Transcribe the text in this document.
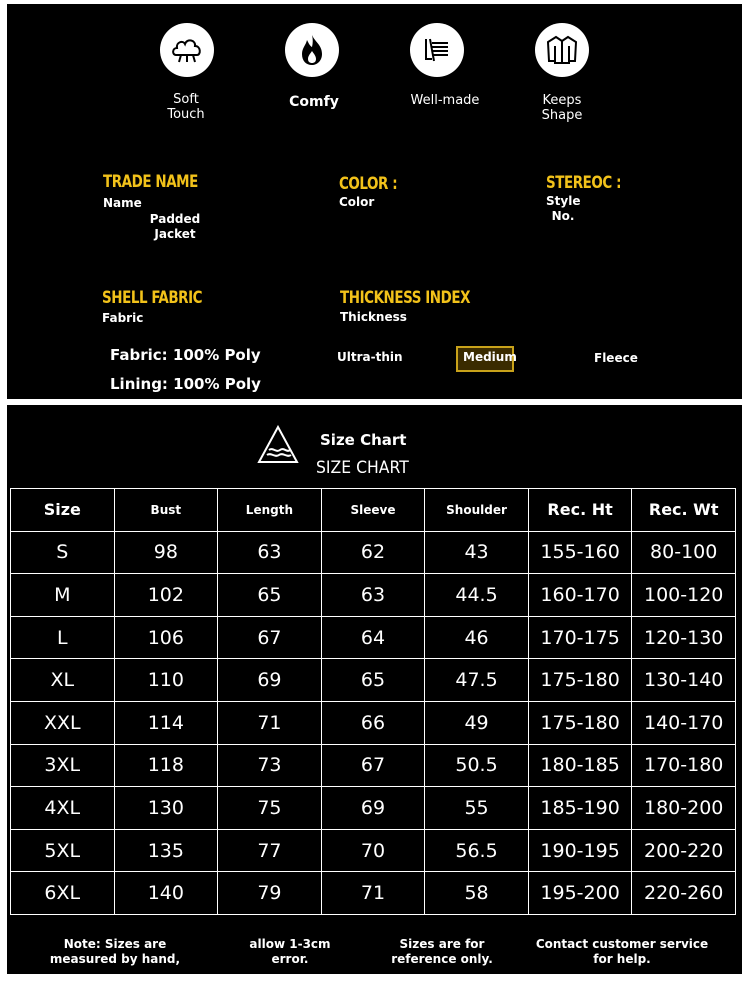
Soft
Touch
Comfy	Well-made	Keeps
Shape
TRADE NAME
Name
Padded
Jacket
COLOR :
Color
STEREOC :
Style
No.
SHELL FABRIC
Fabric
THICKNESS INDEX
Thickness
Fabric: 100% Poly
Lining: 100% Poly
Ultra-thin	Medium	Fleece
Size Chart
SIZE CHART
Size	Bust	Length	Sleeve	Shoulder	Rec. Ht	Rec. Wt
S	98	63	62	43	155-160	80-100
M	102	65	63	44.5	160-170	100-120
L	106	67	64	46	170-175	120-130
XL	110	69	65	47.5	175-180	130-140
XXL	114	71	66	49	175-180	140-170
3XL	118	73	67	50.5	180-185	170-180
4XL	130	75	69	55	185-190	180-200
5XL	135	77	70	56.5	190-195	200-220
6XL	140	79	71	58	195-200	220-260
Note: Sizes are
measured by hand,
allow 1-3cm
error.
Sizes are for
reference only.
Contact customer service
for help.
